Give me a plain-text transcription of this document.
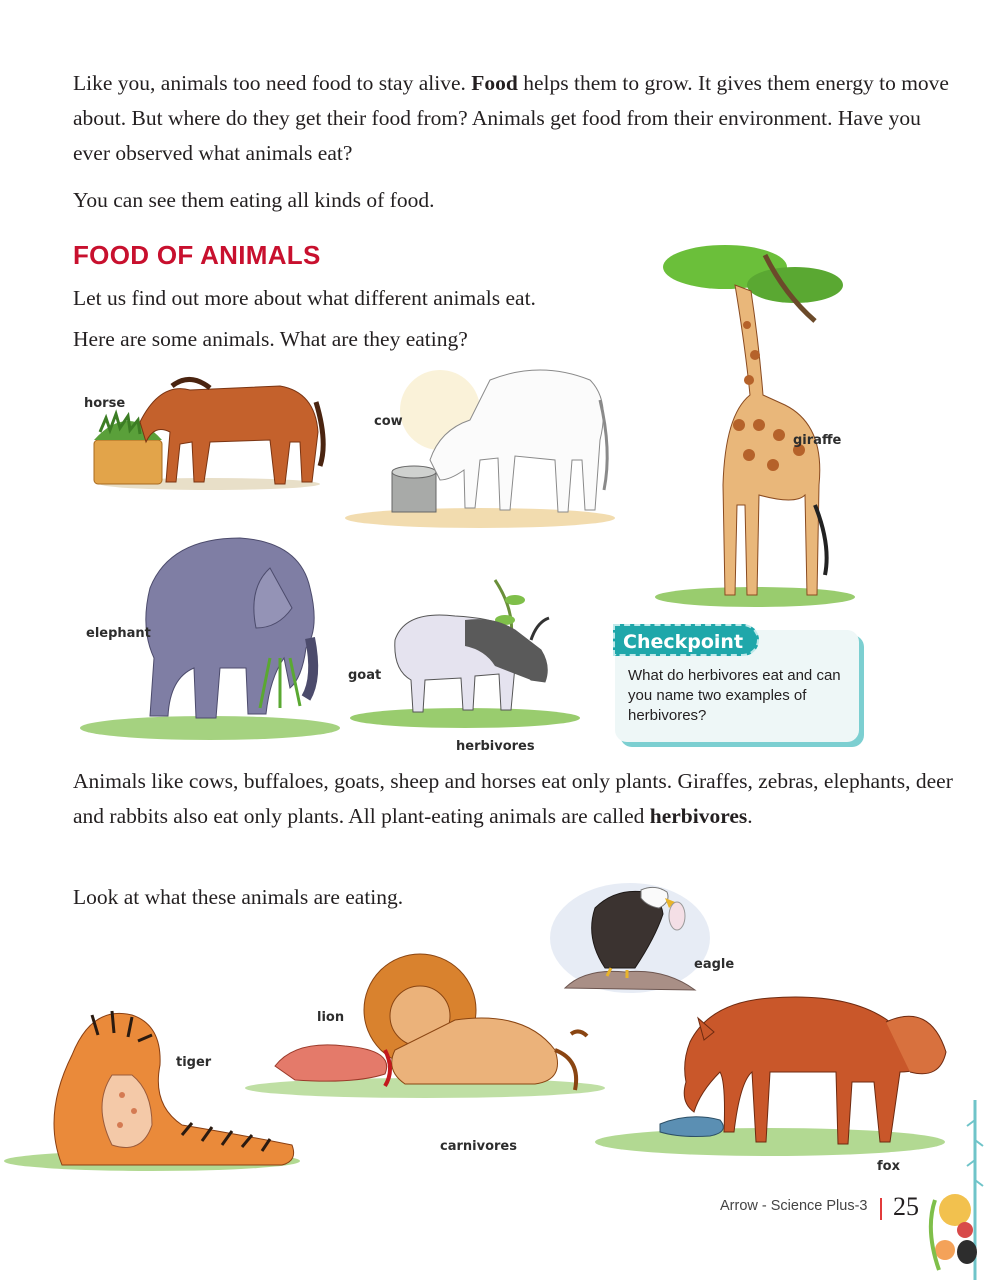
Like you, animals too need food to stay alive. Food helps them to grow. It gives them energy to move about. But where do they get their food from? Animals get food from their environment. Have you ever observed what animals eat?

You can see them eating all kinds of food.

FOOD OF ANIMALS

Let us find out more about what different animals eat.

Here are some animals. What are they eating?

horse
cow
giraffe
elephant
goat
herbivores
Checkpoint
What do herbivores eat and can you name two examples of herbivores?

Animals like cows, buffaloes, goats, sheep and horses eat only plants. Giraffes, zebras, elephants, deer and rabbits also eat only plants. All plant-eating animals are called herbivores.

Look at what these animals are eating.

eagle
tiger
lion
carnivores
fox
Arrow - Science Plus-3 25
